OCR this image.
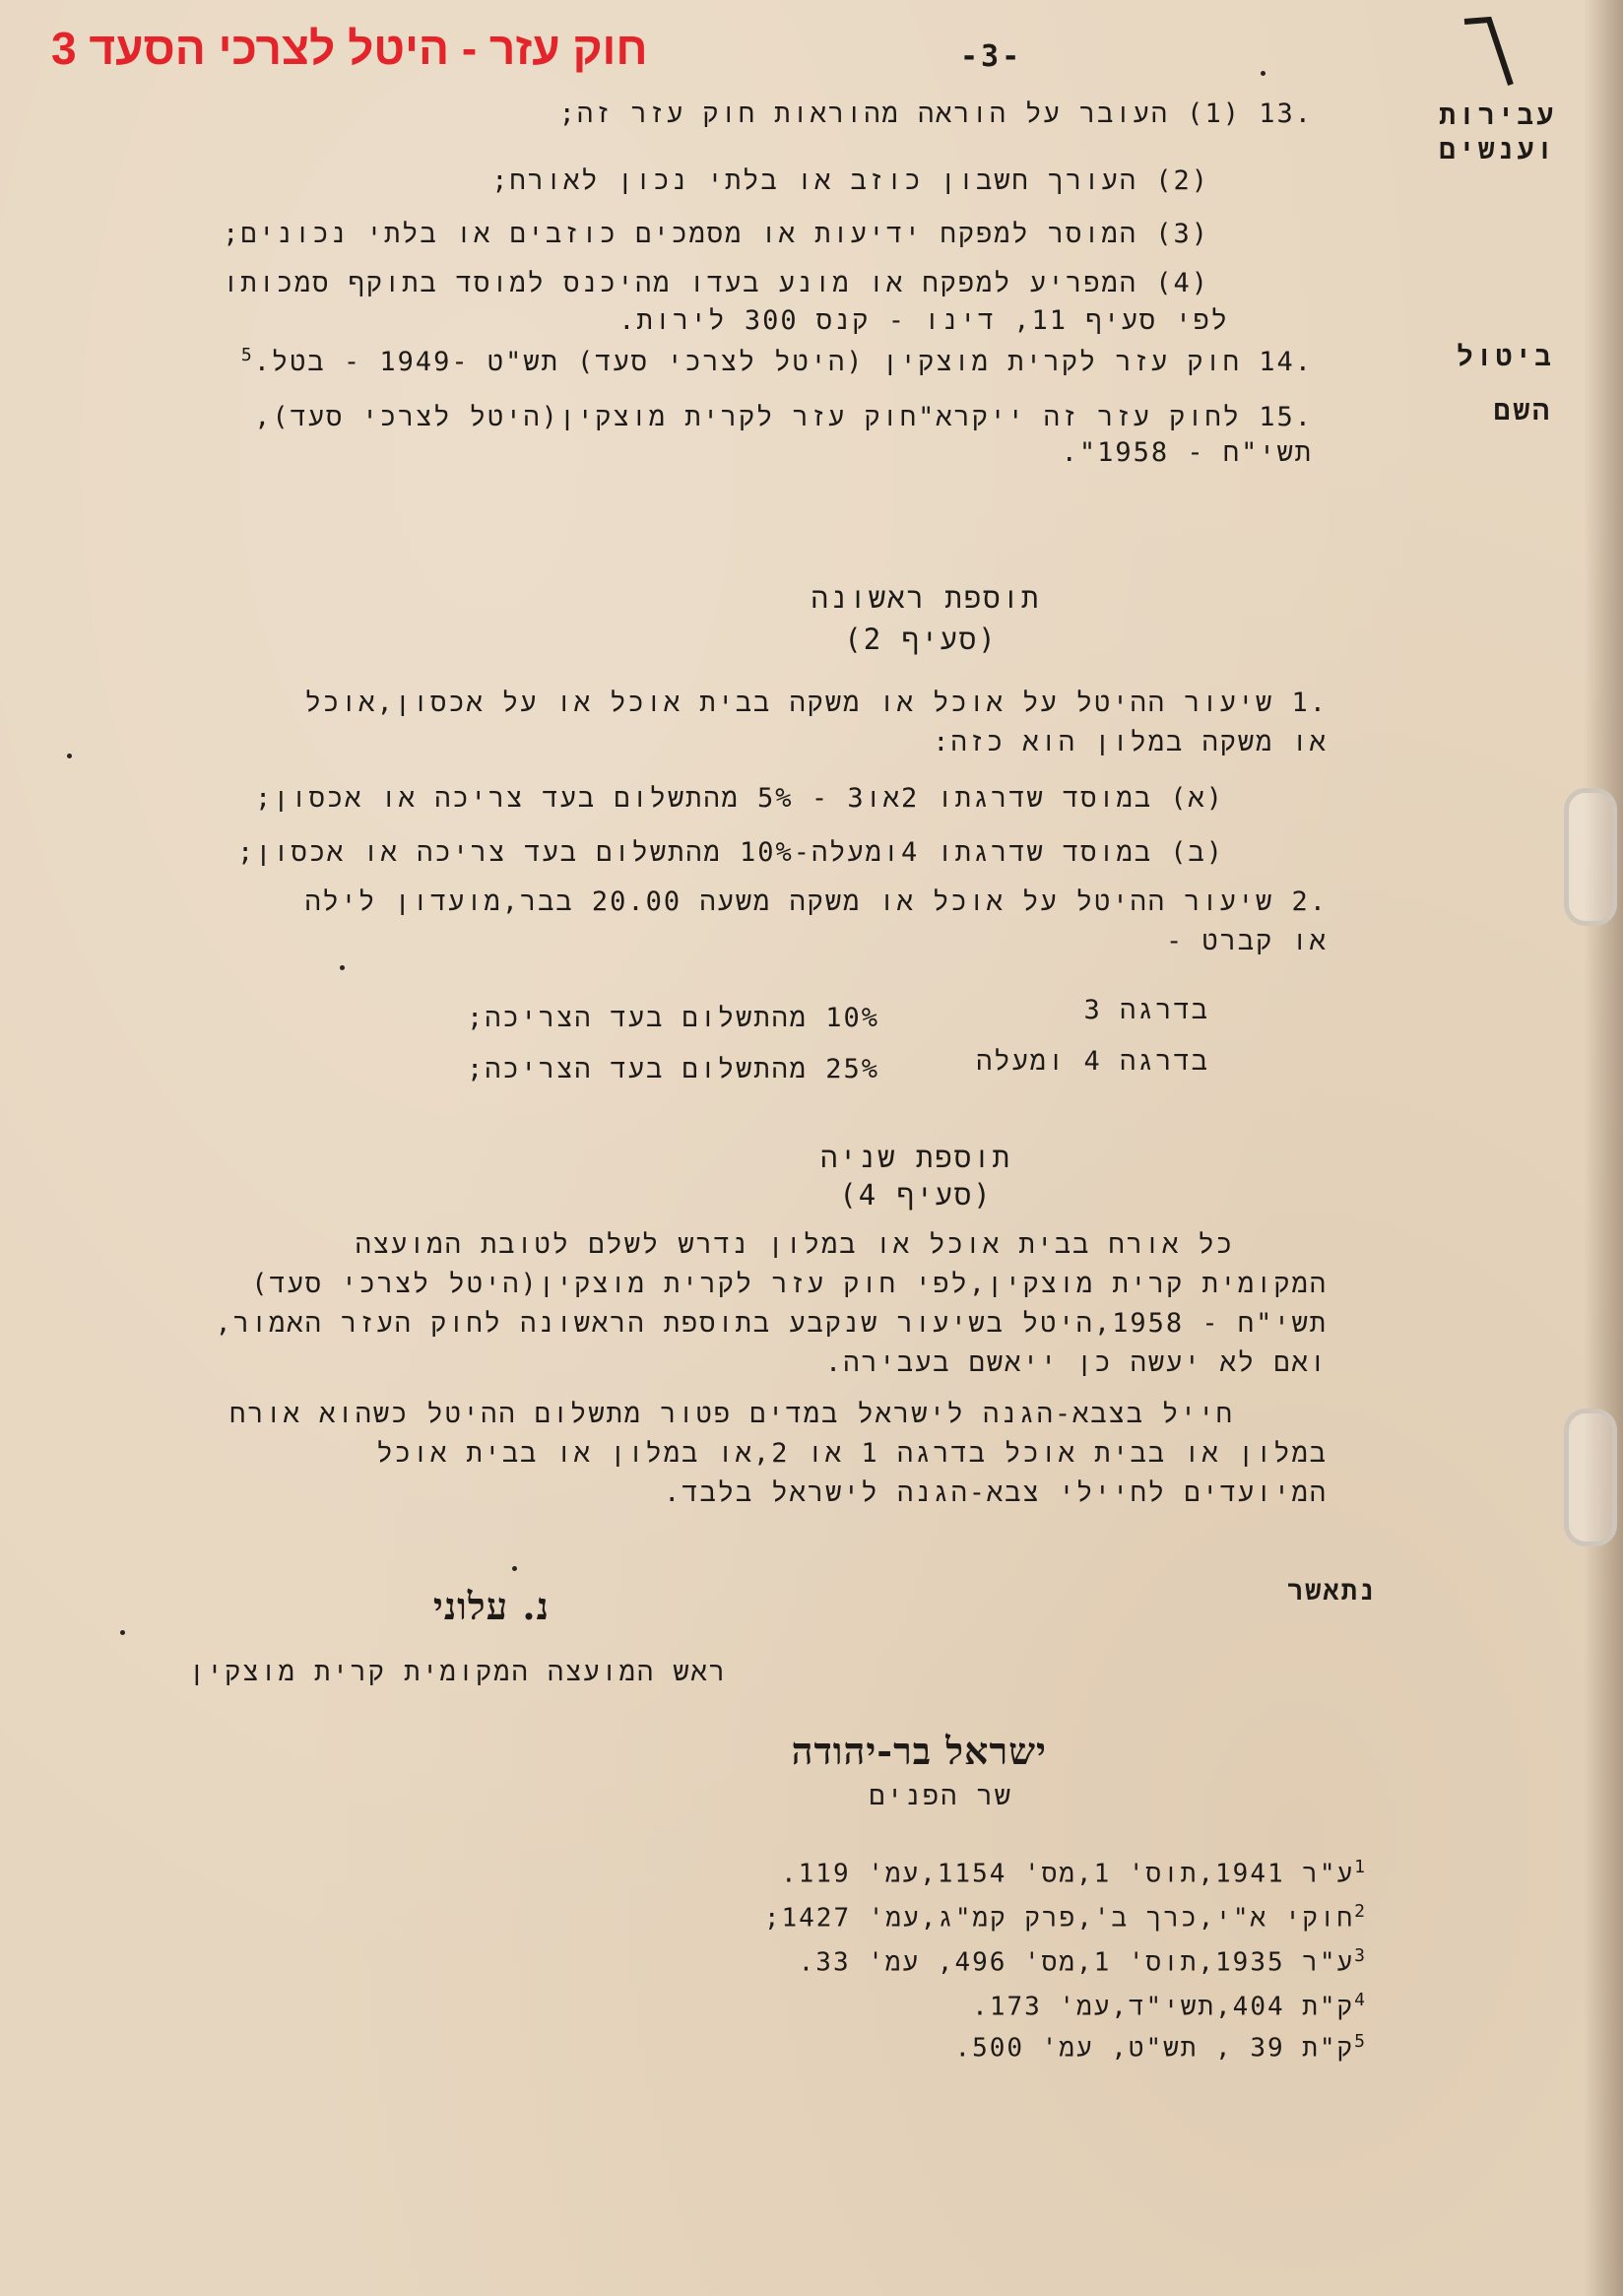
חוק עזר - היטל לצרכי הסעד 3	-3-
עבירות
וענשים
ביטול
השם
.13 (1) העובר על הוראה מהוראות חוק עזר זה;
(2) העורך חשבון כוזב או בלתי נכון לאורח;
(3) המוסר למפקח ידיעות או מסמכים כוזבים או בלתי נכונים;
(4) המפריע למפקח או מונע בעדו מהיכנס למוסד בתוקף סמכותו
לפי סעיף 11, דינו - קנס 300 לירות.
.14 חוק עזר לקרית מוצקין (היטל לצרכי סעד) תש"ט -1949 - בטל.$^5$
.15 לחוק עזר זה ייקרא"חוק עזר לקרית מוצקין(היטל לצרכי סעד),
תשי"ח - 1958".
תוספת ראשונה
(סעיף 2)
.1 שיעור ההיטל על אוכל או משקה בבית אוכל או על אכסון,אוכל
או משקה במלון הוא כזה:
(א) במוסד שדרגתו 2או3 - 5% מהתשלום בעד צריכה או אכסון;
(ב) במוסד שדרגתו 4ומעלה-10% מהתשלום בעד צריכה או אכסון;
.2 שיעור ההיטל על אוכל או משקה משעה 20.00 בבר,מועדון לילה
או קברט -
בדרגה 3
10% מהתשלום בעד הצריכה;
בדרגה 4 ומעלה
25% מהתשלום בעד הצריכה;
תוספת שניה
(סעיף 4)
כל אורח בבית אוכל או במלון נדרש לשלם לטובת המועצה
המקומית קרית מוצקין,לפי חוק עזר לקרית מוצקין(היטל לצרכי סעד)
תשי"ח - 1958,היטל בשיעור שנקבע בתוספת הראשונה לחוק העזר האמור,
ואם לא יעשה כן ייאשם בעבירה.
חייל בצבא-הגנה לישראל במדים פטור מתשלום ההיטל כשהוא אורח
במלון או בבית אוכל בדרגה 1 או 2,או במלון או בבית אוכל
המיועדים לחיילי צבא-הגנה לישראל בלבד.
נתאשר
נ. עלוני
ראש המועצה המקומית קרית מוצקין
ישראל בר-יהודה
שר הפנים
$^1$ע"ר 1941,תוס' 1,מס' 1154,עמ' 119.
$^2$חוקי א"י,כרך ב',פרק קמ"ג,עמ' 1427;
$^3$ע"ר 1935,תוס' 1,מס' 496, עמ' 33.
$^4$ק"ת 404,תשי"ד,עמ' 173.
$^5$ק"ת 39 , תש"ט, עמ' 500.
